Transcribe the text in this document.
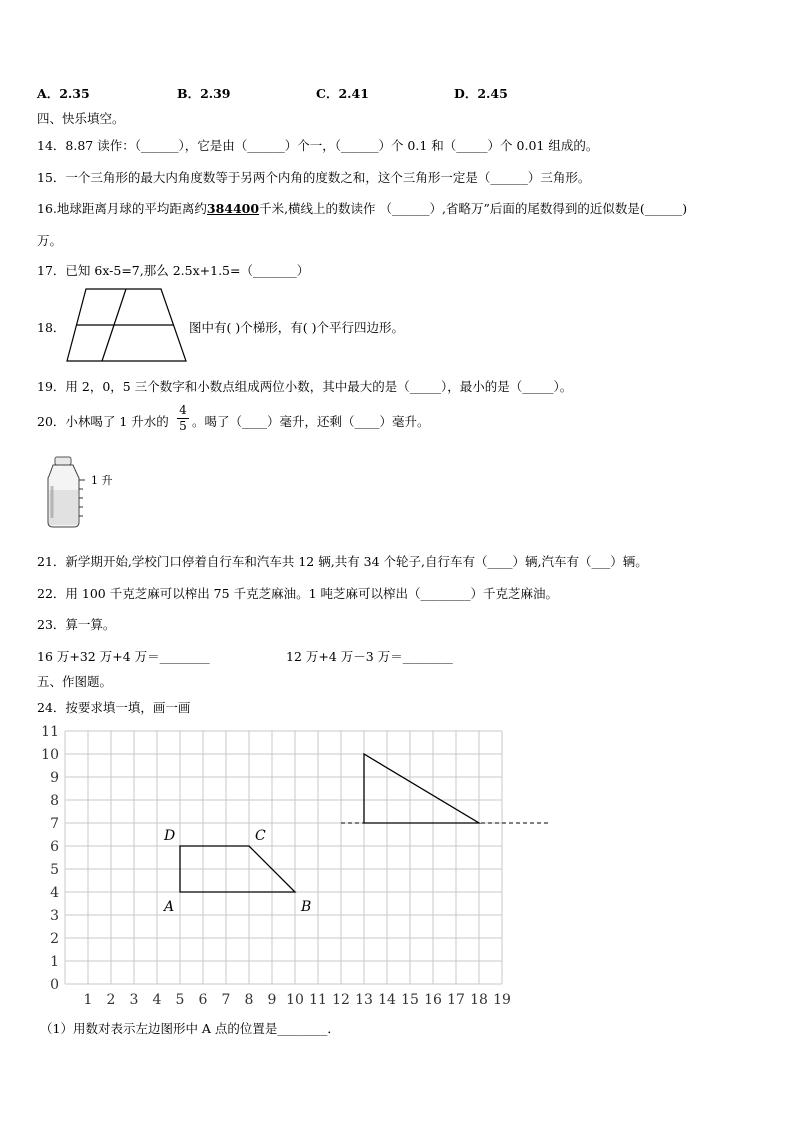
A．2.35	B．2.39	C．2.41	D．2.45
四、快乐填空。
14．8.87 读作：（______），它是由（______）个一，（______）个 0.1 和（_____）个 0.01 组成的。
15．一个三角形的最大内角度数等于另两个内角的度数之和，这个三角形一定是（______）三角形。
16.地球距离月球的平均距离约384400千米,横线上的数读作 （______）,省略万”后面的尾数得到的近似数是(______)
万。
17．已知 6x-5=7,那么 2.5x+1.5=（_______）
18．	图中有( )个梯形，有( )个平行四边形。
19．用 2，0，5 三个数字和小数点组成两位小数，其中最大的是（_____），最小的是（_____）。
20．小林喝了 1 升水的
4
5 。喝了（____）毫升，还剩（____）毫升。
1 升
21．新学期开始,学校门口停着自行车和汽车共 12 辆,共有 34 个轮子,自行车有（____）辆,汽车有（___）辆。
22．用 100 千克芝麻可以榨出 75 千克芝麻油。1 吨芝麻可以榨出（________）千克芝麻油。
23．算一算。
16 万+32 万+4 万＝________	12 万+4 万－3 万＝________
五、作图题。
24．按要求填一填，画一画
1 2 3 4 5 6 7 8 9 10 11 12 13 14 15 16 17 18 19
0
1
2
3
4
5
6
7
8
9
10
11
A	B
C
D
（1）用数对表示左边图形中 A 点的位置是________．
